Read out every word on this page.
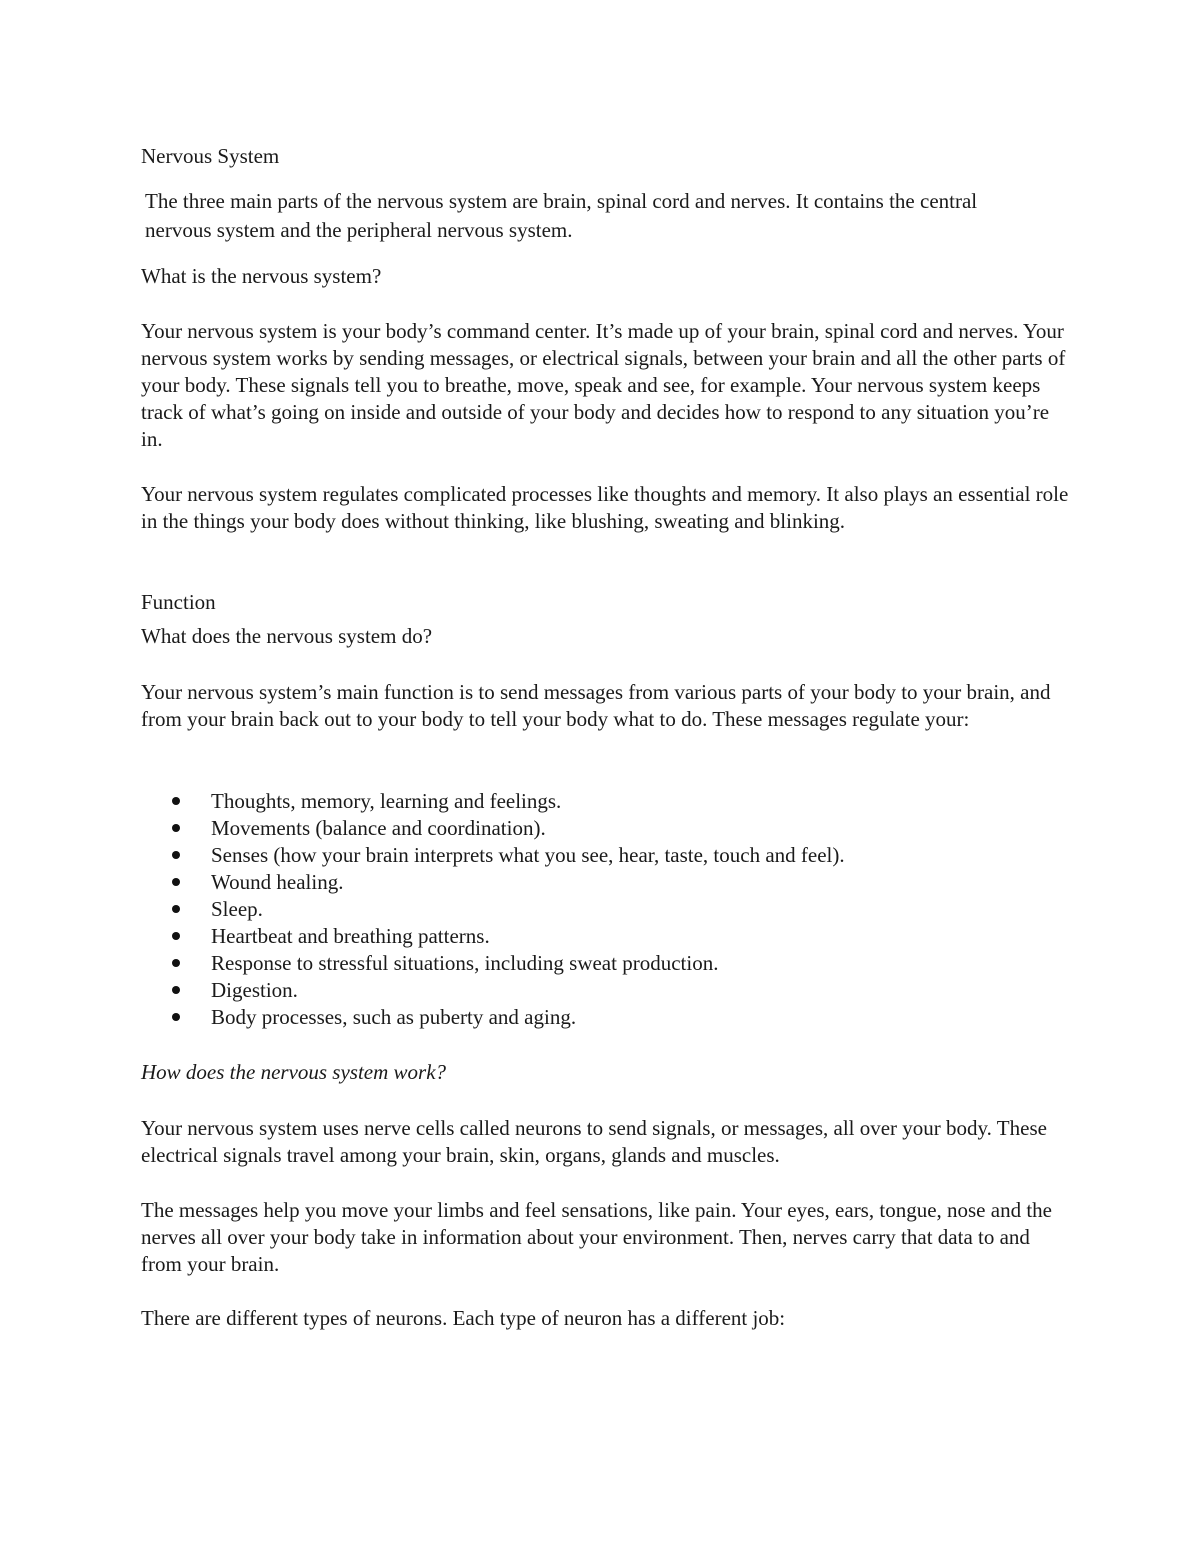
Nervous System

The three main parts of the nervous system are brain, spinal cord and nerves. It contains the central nervous system and the peripheral nervous system.

What is the nervous system?

Your nervous system is your body’s command center. It’s made up of your brain, spinal cord and nerves. Your nervous system works by sending messages, or electrical signals, between your brain and all the other parts of your body. These signals tell you to breathe, move, speak and see, for example. Your nervous system keeps track of what’s going on inside and outside of your body and decides how to respond to any situation you’re in.

Your nervous system regulates complicated processes like thoughts and memory. It also plays an essential role in the things your body does without thinking, like blushing, sweating and blinking.

Function

What does the nervous system do?

Your nervous system’s main function is to send messages from various parts of your body to your brain, and from your brain back out to your body to tell your body what to do. These messages regulate your:

Thoughts, memory, learning and feelings.
Movements (balance and coordination).
Senses (how your brain interprets what you see, hear, taste, touch and feel).
Wound healing.
Sleep.
Heartbeat and breathing patterns.
Response to stressful situations, including sweat production.
Digestion.
Body processes, such as puberty and aging.

How does the nervous system work?

Your nervous system uses nerve cells called neurons to send signals, or messages, all over your body. These electrical signals travel among your brain, skin, organs, glands and muscles.

The messages help you move your limbs and feel sensations, like pain. Your eyes, ears, tongue, nose and the nerves all over your body take in information about your environment. Then, nerves carry that data to and from your brain.

There are different types of neurons. Each type of neuron has a different job:
